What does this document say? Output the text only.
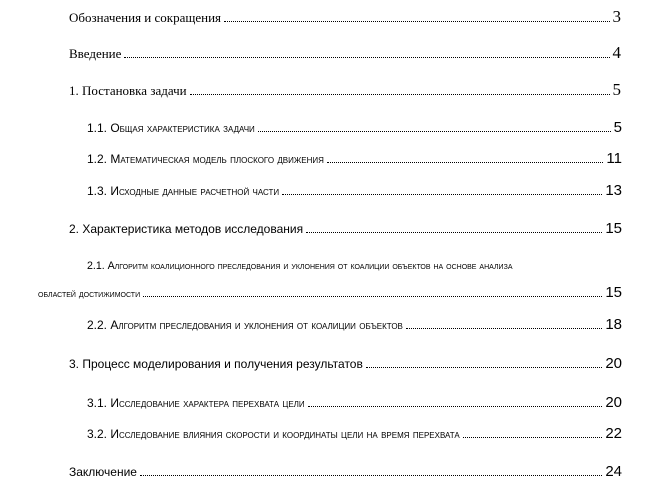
Обозначения и сокращения	3
Введение	4
1. Постановка задачи	5
1.1. Общая характеристика задачи	5
1.2. Математическая модель плоского движения	11
1.3. Исходные данные расчетной части	13
2. Характеристика методов исследования	15
2.1. Алгоритм коалиционного преследования и уклонения от коалиции объектов на основе анализа
областей достижимости	15
2.2. Алгоритм преследования и уклонения от коалиции объектов	18
3. Процесс моделирования и получения результатов	20
3.1. Исследование характера перехвата цели	20
3.2. Исследование влияния скорости и координаты цели на время перехвата	22
Заключение	24
